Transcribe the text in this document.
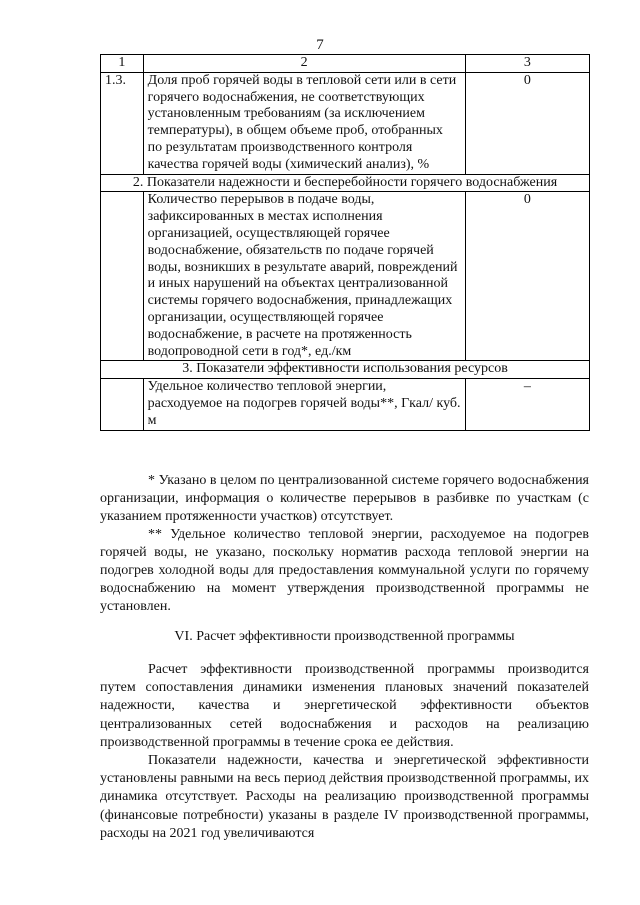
7
1	2	3
1.3.	Доля проб горячей воды в тепловой сети или в сети горячего водоснабжения, не соответствующих установленным требованиям (за исключением температуры), в общем объеме проб, отобранных по результатам производственного контроля качества горячей воды (химический анализ), %	0
2. Показатели надежности и бесперебойности горячего водоснабжения		
	Количество перерывов в подаче воды, зафиксированных в местах исполнения организацией, осуществляющей горячее водоснабжение, обязательств по подаче горячей воды, возникших в результате аварий, повреждений и иных нарушений на объектах централизованной системы горячего водоснабжения, принадлежащих организации, осуществляющей горячее водоснабжение, в расчете на протяженность водопроводной сети в год*, ед./км	0
3. Показатели эффективности использования ресурсов		
	Удельное количество тепловой энергии, расходуемое на подогрев горячей воды**, Гкал/ куб. м	–

* Указано в целом по централизованной системе горячего водоснабжения организации, информация о количестве перерывов в разбивке по участкам (с указанием протяженности участков) отсутствует.

** Удельное количество тепловой энергии, расходуемое на подогрев горячей воды, не указано, поскольку норматив расхода тепловой энергии на подогрев холодной воды для предоставления коммунальной услуги по горячему водоснабжению на момент утверждения производственной программы не установлен.

VI. Расчет эффективности производственной программы

Расчет эффективности производственной программы производится путем сопоставления динамики изменения плановых значений показателей надежности, качества и энергетической эффективности объектов централизованных сетей водоснабжения и расходов на реализацию производственной программы в течение срока ее действия.

Показатели надежности, качества и энергетической эффективности установлены равными на весь период действия производственной программы, их динамика отсутствует. Расходы на реализацию производственной программы (финансовые потребности) указаны в разделе IV производственной программы, расходы на 2021 год увеличиваются
